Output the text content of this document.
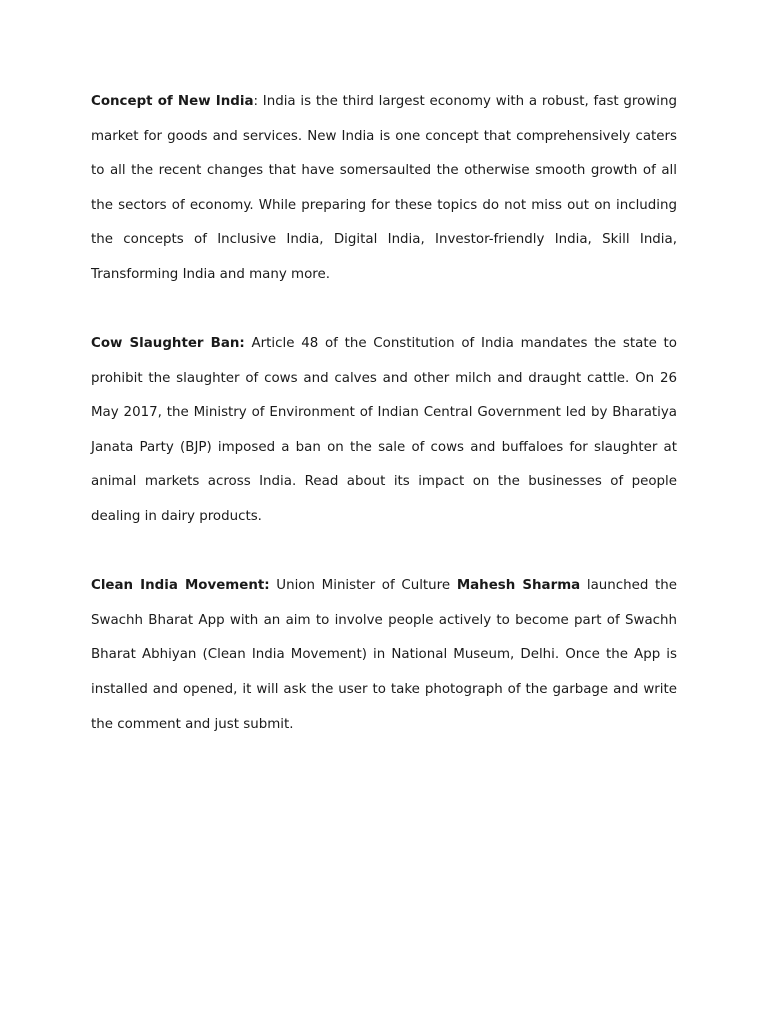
Concept of New India: India is the third largest economy with a robust, fast growing market for goods and services. New India is one concept that comprehensively caters to all the recent changes that have somersaulted the otherwise smooth growth of all the sectors of economy. While preparing for these topics do not miss out on including the concepts of Inclusive India, Digital India, Investor-friendly India, Skill India, Transforming India and many more.

Cow Slaughter Ban: Article 48 of the Constitution of India mandates the state to prohibit the slaughter of cows and calves and other milch and draught cattle. On 26 May 2017, the Ministry of Environment of Indian Central Government led by Bharatiya Janata Party (BJP) imposed a ban on the sale of cows and buffaloes for slaughter at animal markets across India. Read about its impact on the businesses of people dealing in dairy products.

Clean India Movement: Union Minister of Culture Mahesh Sharma launched the Swachh Bharat App with an aim to involve people actively to become part of Swachh Bharat Abhiyan (Clean India Movement) in National Museum, Delhi. Once the App is installed and opened, it will ask the user to take photograph of the garbage and write the comment and just submit.
